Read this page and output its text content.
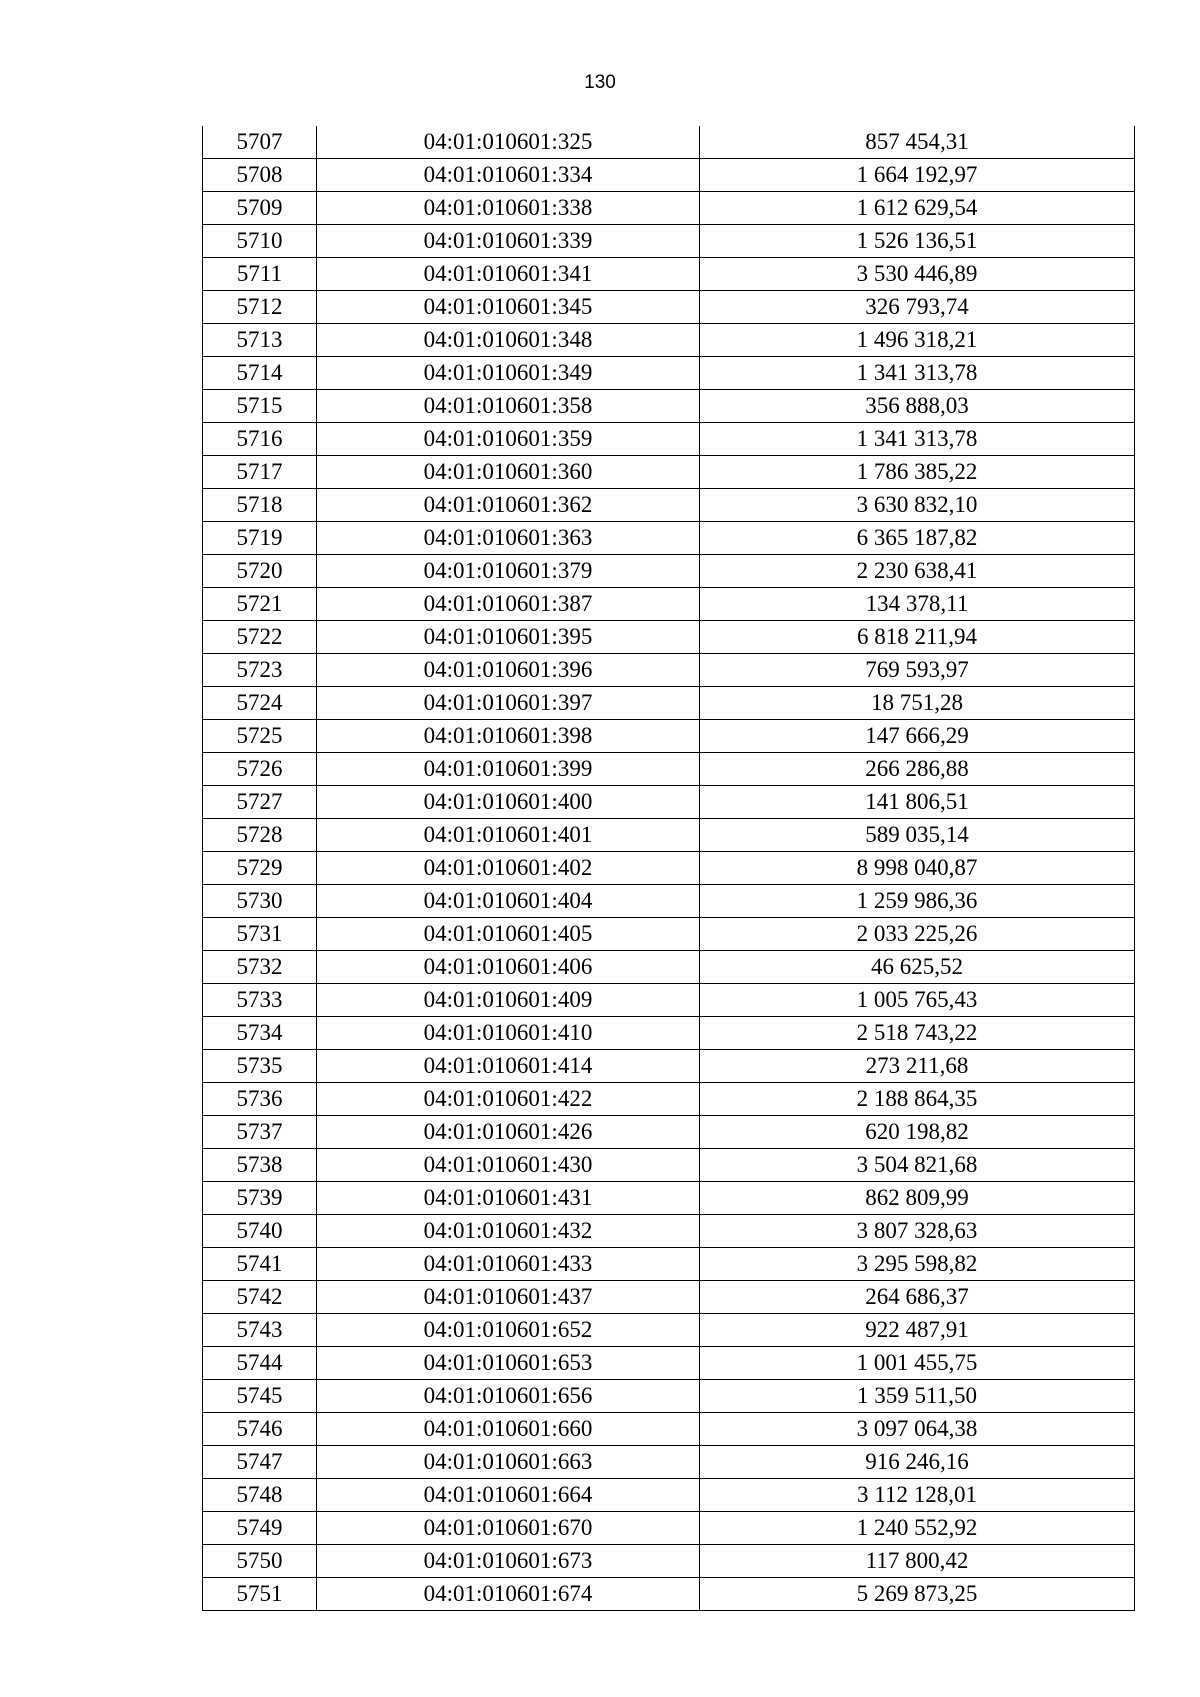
130
5707	04:01:010601:325	857 454,31
5708	04:01:010601:334	1 664 192,97
5709	04:01:010601:338	1 612 629,54
5710	04:01:010601:339	1 526 136,51
5711	04:01:010601:341	3 530 446,89
5712	04:01:010601:345	326 793,74
5713	04:01:010601:348	1 496 318,21
5714	04:01:010601:349	1 341 313,78
5715	04:01:010601:358	356 888,03
5716	04:01:010601:359	1 341 313,78
5717	04:01:010601:360	1 786 385,22
5718	04:01:010601:362	3 630 832,10
5719	04:01:010601:363	6 365 187,82
5720	04:01:010601:379	2 230 638,41
5721	04:01:010601:387	134 378,11
5722	04:01:010601:395	6 818 211,94
5723	04:01:010601:396	769 593,97
5724	04:01:010601:397	18 751,28
5725	04:01:010601:398	147 666,29
5726	04:01:010601:399	266 286,88
5727	04:01:010601:400	141 806,51
5728	04:01:010601:401	589 035,14
5729	04:01:010601:402	8 998 040,87
5730	04:01:010601:404	1 259 986,36
5731	04:01:010601:405	2 033 225,26
5732	04:01:010601:406	46 625,52
5733	04:01:010601:409	1 005 765,43
5734	04:01:010601:410	2 518 743,22
5735	04:01:010601:414	273 211,68
5736	04:01:010601:422	2 188 864,35
5737	04:01:010601:426	620 198,82
5738	04:01:010601:430	3 504 821,68
5739	04:01:010601:431	862 809,99
5740	04:01:010601:432	3 807 328,63
5741	04:01:010601:433	3 295 598,82
5742	04:01:010601:437	264 686,37
5743	04:01:010601:652	922 487,91
5744	04:01:010601:653	1 001 455,75
5745	04:01:010601:656	1 359 511,50
5746	04:01:010601:660	3 097 064,38
5747	04:01:010601:663	916 246,16
5748	04:01:010601:664	3 112 128,01
5749	04:01:010601:670	1 240 552,92
5750	04:01:010601:673	117 800,42
5751	04:01:010601:674	5 269 873,25
